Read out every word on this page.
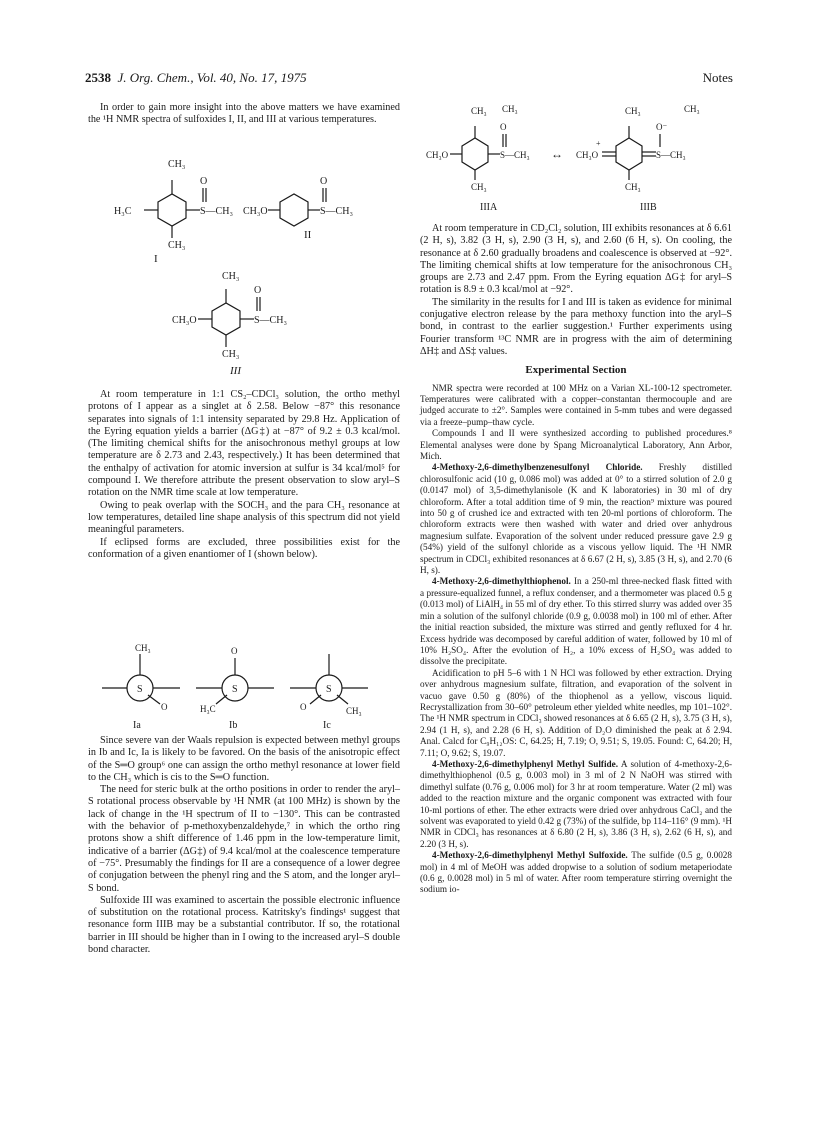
2538 J. Org. Chem., Vol. 40, No. 17, 1975	Notes

In order to gain more insight into the above matters we have examined the ¹H NMR spectra of sulfoxides I, II, and III at various temperatures.

H₃C
CH₃
CH₃
S—CH₃
O
I
CH₃O	S—CH₃
O
II
CH₃O
CH₃
CH₃
S—CH₃
O
III

At room temperature in 1:1 CS₂–CDCl₃ solution, the ortho methyl protons of I appear as a singlet at δ 2.58. Below −87° this resonance separates into signals of 1:1 intensity separated by 29.8 Hz. Application of the Eyring equation yields a barrier (ΔG‡) at −87° of 9.2 ± 0.3 kcal/mol. (The limiting chemical shifts for the anisochronous methyl groups at low temperature are δ 2.73 and 2.43, respectively.) It has been determined that the enthalpy of activation for atomic inversion at sulfur is 34 kcal/mol⁵ for compound I. We therefore attribute the present observation to slow aryl–S rotation on the NMR time scale at low temperature.

Owing to peak overlap with the SOCH₃ and the para CH₃ resonance at low temperatures, detailed line shape analysis of this spectrum did not yield meaningful parameters.

If eclipsed forms are excluded, three possibilities exist for the conformation of a given enantiomer of I (shown below).

CH₃
O
S
Ia
O
H₃C
S
Ib
O	CH₃
S
Ic

Since severe van der Waals repulsion is expected between methyl groups in Ib and Ic, Ia is likely to be favored. On the basis of the anisotropic effect of the S═O group⁶ one can assign the ortho methyl resonance at lower field to the CH₃ which is cis to the S═O function.

The need for steric bulk at the ortho positions in order to render the aryl–S rotational process observable by ¹H NMR (at 100 MHz) is shown by the lack of change in the ¹H spectrum of II to −130°. This can be contrasted with the behavior of p-methoxybenzaldehyde,⁷ in which the ortho ring protons show a shift difference of 1.46 ppm in the low-temperature limit, indicative of a barrier (ΔG‡) of 9.4 kcal/mol at the coalescence temperature of −75°. Presumably the findings for II are a consequence of a lower degree of conjugation between the phenyl ring and the S atom, and the longer aryl–S bond.

Sulfoxide III was examined to ascertain the possible electronic influence of substitution on the rotational process. Katritsky's findings¹ suggest that resonance form IIIB may be a substantial contributor. If so, the rotational barrier in III should be higher than in I owing to the increased aryl–S double bond character.

CH₃O
CH₃
CH₃
S—CH₃
O
CH₃
IIIA
↔ CH₃O
+
CH₃
CH₃
S—CH₃
O⁻
CH₃
IIIB

At room temperature in CD₂Cl₂ solution, III exhibits resonances at δ 6.61 (2 H, s), 3.82 (3 H, s), 2.90 (3 H, s), and 2.60 (6 H, s). On cooling, the resonance at δ 2.60 gradually broadens and coalescence is observed at −92°. The limiting chemical shifts at low temperature for the anisochronous CH₃ groups are 2.73 and 2.47 ppm. From the Eyring equation ΔG‡ for aryl–S rotation is 8.9 ± 0.3 kcal/mol at −92°.

The similarity in the results for I and III is taken as evidence for minimal conjugative electron release by the para methoxy function into the aryl–S bond, in contrast to the earlier suggestion.¹ Further experiments using Fourier transform ¹³C NMR are in progress with the aim of determining ΔH‡ and ΔS‡ values.

Experimental Section

NMR spectra were recorded at 100 MHz on a Varian XL-100-12 spectrometer. Temperatures were calibrated with a copper–constantan thermocouple and are judged accurate to ±2°. Samples were contained in 5-mm tubes and were degassed via a freeze–pump–thaw cycle.

Compounds I and II were synthesized according to published procedures.⁸ Elemental analyses were done by Spang Microanalytical Laboratory, Ann Arbor, Mich.

4-Methoxy-2,6-dimethylbenzenesulfonyl Chloride. Freshly distilled chlorosulfonic acid (10 g, 0.086 mol) was added at 0° to a stirred solution of 2.0 g (0.0147 mol) of 3,5-dimethylanisole (K and K laboratories) in 30 ml of dry chloroform. After a total addition time of 9 min, the reaction⁹ mixture was poured into 50 g of crushed ice and extracted with ten 20-ml portions of chloroform. The chloroform extracts were then washed with water and dried over anhydrous magnesium sulfate. Evaporation of the solvent under reduced pressure gave 2.9 g (54%) yield of the sulfonyl chloride as a viscous yellow liquid. The ¹H NMR spectrum in CDCl₃ exhibited resonances at δ 6.67 (2 H, s), 3.85 (3 H, s), and 2.70 (6 H, s).

4-Methoxy-2,6-dimethylthiophenol. In a 250-ml three-necked flask fitted with a pressure-equalized funnel, a reflux condenser, and a thermometer was placed 0.5 g (0.013 mol) of LiAlH₄ in 55 ml of dry ether. To this stirred slurry was added over 35 min a solution of the sulfonyl chloride (0.9 g, 0.0038 mol) in 100 ml of ether. After the initial reaction subsided, the mixture was stirred and gently refluxed for 4 hr. Excess hydride was decomposed by careful addition of water, followed by 10 ml of 10% H₂SO₄. After the evolution of H₂, a 10% excess of H₂SO₄ was added to dissolve the precipitate.

Acidification to pH 5–6 with 1 N HCl was followed by ether extraction. Drying over anhydrous magnesium sulfate, filtration, and evaporation of the solvent in vacuo gave 0.50 g (80%) of the thiophenol as a yellow, viscous liquid. Recrystallization from 30–60° petroleum ether yielded white needles, mp 101–102°. The ¹H NMR spectrum in CDCl₃ showed resonances at δ 6.65 (2 H, s), 3.75 (3 H, s), 2.94 (1 H, s), and 2.28 (6 H, s). Addition of D₂O diminished the peak at δ 2.94. Anal. Calcd for C₉H₁₂OS: C, 64.25; H, 7.19; O, 9.51; S, 19.05. Found: C, 64.20; H, 7.11; O, 9.62; S, 19.07.

4-Methoxy-2,6-dimethylphenyl Methyl Sulfide. A solution of 4-methoxy-2,6-dimethylthiophenol (0.5 g, 0.003 mol) in 3 ml of 2 N NaOH was stirred with dimethyl sulfate (0.76 g, 0.006 mol) for 3 hr at room temperature. Water (2 ml) was added to the reaction mixture and the organic component was extracted with four 10-ml portions of ether. The ether extracts were dried over anhydrous CaCl₂ and the solvent was evaporated to yield 0.42 g (73%) of the sulfide, bp 114–116° (9 mm). ¹H NMR in CDCl₃ has resonances at δ 6.80 (2 H, s), 3.86 (3 H, s), 2.62 (6 H, s), and 2.20 (3 H, s).

4-Methoxy-2,6-dimethylphenyl Methyl Sulfoxide. The sulfide (0.5 g, 0.0028 mol) in 4 ml of MeOH was added dropwise to a solution of sodium metaperiodate (0.6 g, 0.0028 mol) in 5 ml of water. After room temperature stirring overnight the sodium io-
